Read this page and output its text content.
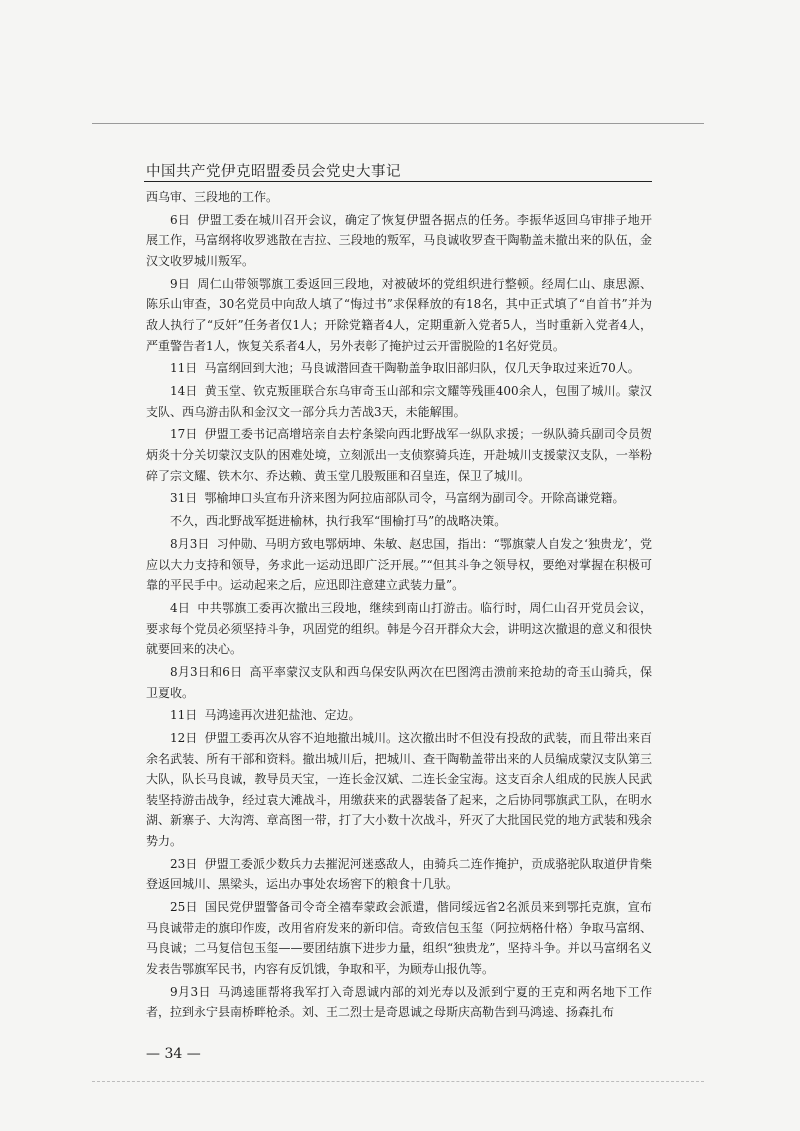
中国共产党伊克昭盟委员会党史大事记

西乌审、三段地的工作。

6日 伊盟工委在城川召开会议，确定了恢复伊盟各据点的任务。李振华返回乌审排子地开展工作，马富纲将收罗逃散在吉拉、三段地的叛军，马良诚收罗查干陶勒盖未撤出来的队伍，金汉文收罗城川叛军。

9日 周仁山带领鄂旗工委返回三段地，对被破坏的党组织进行整顿。经周仁山、康思源、陈乐山审查，30名党员中向敌人填了“悔过书”求保释放的有18名，其中正式填了“自首书”并为敌人执行了“反奸”任务者仅1人；开除党籍者4人，定期重新入党者5人，当时重新入党者4人，严重警告者1人，恢复关系者4人，另外表彰了掩护过云开雷脱险的1名好党员。

11日 马富纲回到大池；马良诚潜回查干陶勒盖争取旧部归队，仅几天争取过来近70人。

14日 黄玉堂、钦克叛匪联合东乌审奇玉山部和宗文耀等残匪400余人，包围了城川。蒙汉支队、西乌游击队和金汉文一部分兵力苦战3天，未能解围。

17日 伊盟工委书记高增培亲自去柠条梁向西北野战军一纵队求援；一纵队骑兵副司令员贺炳炎十分关切蒙汉支队的困难处境，立刻派出一支侦察骑兵连，开赴城川支援蒙汉支队，一举粉碎了宗文耀、铁木尔、乔达赖、黄玉堂几股叛匪和召皇连，保卫了城川。

31日 鄂榆坤口头宣布升济来图为阿拉庙部队司令，马富纲为副司令。开除高谦党籍。

不久，西北野战军挺进榆林，执行我军“围榆打马”的战略决策。

8月3日 习仲勋、马明方致电鄂炳坤、朱敏、赵忠国，指出：“鄂旗蒙人自发之‘独贵龙’，党应以大力支持和领导，务求此一运动迅即广泛开展。”“但其斗争之领导权，要绝对掌握在积极可靠的平民手中。运动起来之后，应迅即注意建立武装力量”。

4日 中共鄂旗工委再次撤出三段地，继续到南山打游击。临行时，周仁山召开党员会议，要求每个党员必须坚持斗争，巩固党的组织。韩是今召开群众大会，讲明这次撤退的意义和很快就要回来的决心。

8月3日和6日 高平率蒙汉支队和西乌保安队两次在巴图湾击溃前来抢劫的奇玉山骑兵，保卫夏收。

11日 马鸿逵再次进犯盐池、定边。

12日 伊盟工委再次从容不迫地撤出城川。这次撤出时不但没有投敌的武装，而且带出来百余名武装、所有干部和资料。撤出城川后，把城川、查干陶勒盖带出来的人员编成蒙汉支队第三大队，队长马良诚，教导员天宝，一连长金汉斌、二连长金宝海。这支百余人组成的民族人民武装坚持游击战争，经过袁大滩战斗，用缴获来的武器装备了起来，之后协同鄂旗武工队，在明水湖、新寨子、大沟湾、章高图一带，打了大小数十次战斗，歼灭了大批国民党的地方武装和残余势力。

23日 伊盟工委派少数兵力去摧泥河迷惑敌人，由骑兵二连作掩护，贡成骆驼队取道伊肯柴登返回城川、黑梁头，运出办事处农场窖下的粮食十几驮。

25日 国民党伊盟警备司令奇全禧奉蒙政会派遣，偕同绥远省2名派员来到鄂托克旗，宣布马良诚带走的旗印作废，改用省府发来的新印信。奇致信包玉玺（阿拉炳格什格）争取马富纲、马良诚；二马复信包玉玺——要团结旗下进步力量，组织“独贵龙”，坚持斗争。并以马富纲名义发表告鄂旗军民书，内容有反饥饿，争取和平，为顾寿山报仇等。

9月3日 马鸿逵匪帮将我军打入奇恩诚内部的刘光寿以及派到宁夏的王克和两名地下工作者，拉到永宁县南桥畔枪杀。刘、王二烈士是奇恩诚之母斯庆高勒告到马鸿逵、扬森扎布

— 34 —
